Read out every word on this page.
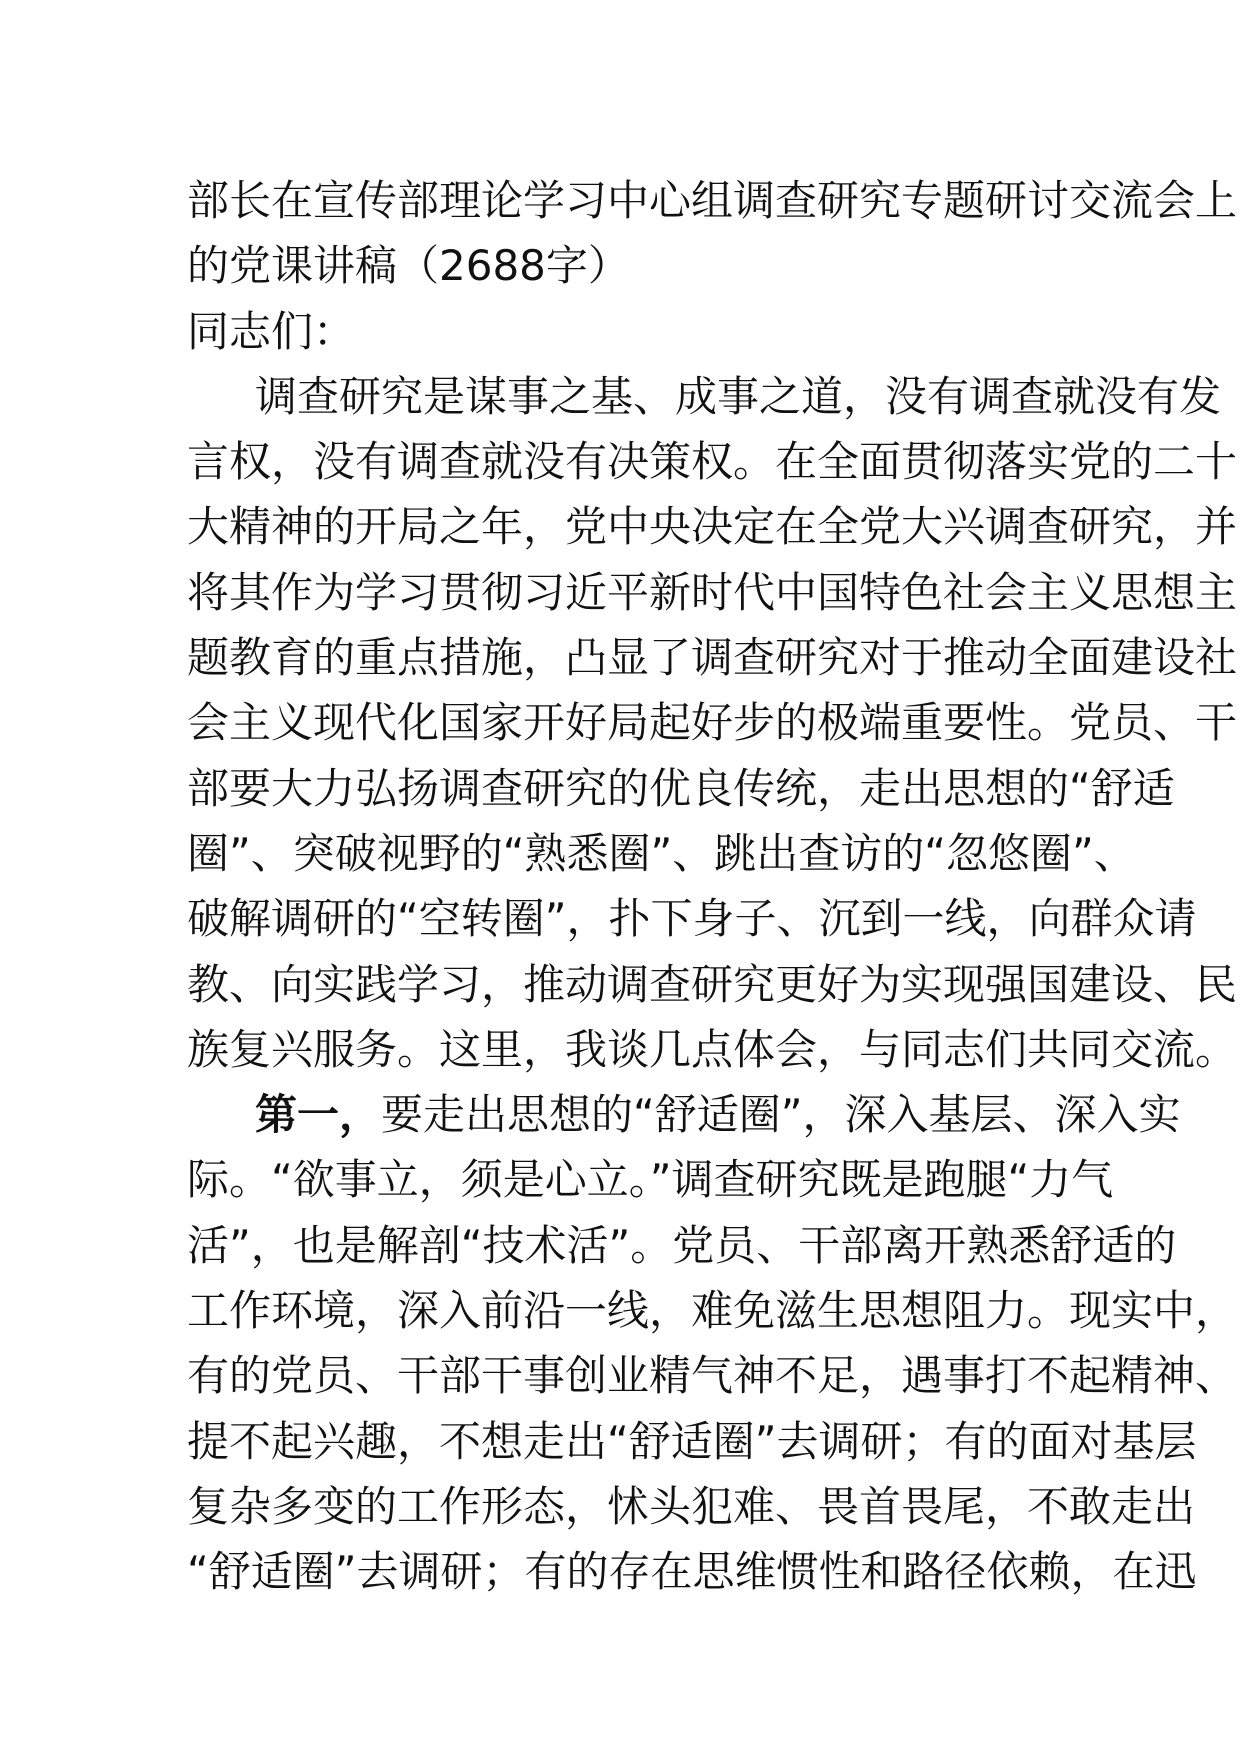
部长在宣传部理论学习中心组调查研究专题研讨交流会上
的党课讲稿（2688字）
同志们：
调查研究是谋事之基、成事之道，没有调查就没有发
言权，没有调查就没有决策权。在全面贯彻落实党的二十
大精神的开局之年，党中央决定在全党大兴调查研究，并
将其作为学习贯彻习近平新时代中国特色社会主义思想主
题教育的重点措施，凸显了调查研究对于推动全面建设社
会主义现代化国家开好局起好步的极端重要性。党员、干
部要大力弘扬调查研究的优良传统，走出思想的“舒适
圈”、突破视野的“熟悉圈”、跳出查访的“忽悠圈”、
破解调研的“空转圈”，扑下身子、沉到一线，向群众请
教、向实践学习，推动调查研究更好为实现强国建设、民
族复兴服务。这里，我谈几点体会，与同志们共同交流。
第一，要走出思想的“舒适圈”，深入基层、深入实
际。“欲事立，须是心立。”调查研究既是跑腿“力气
活”，也是解剖“技术活”。党员、干部离开熟悉舒适的
工作环境，深入前沿一线，难免滋生思想阻力。现实中，
有的党员、干部干事创业精气神不足，遇事打不起精神、
提不起兴趣，不想走出“舒适圈”去调研；有的面对基层
复杂多变的工作形态，怵头犯难、畏首畏尾，不敢走出
“舒适圈”去调研；有的存在思维惯性和路径依赖，在迅
